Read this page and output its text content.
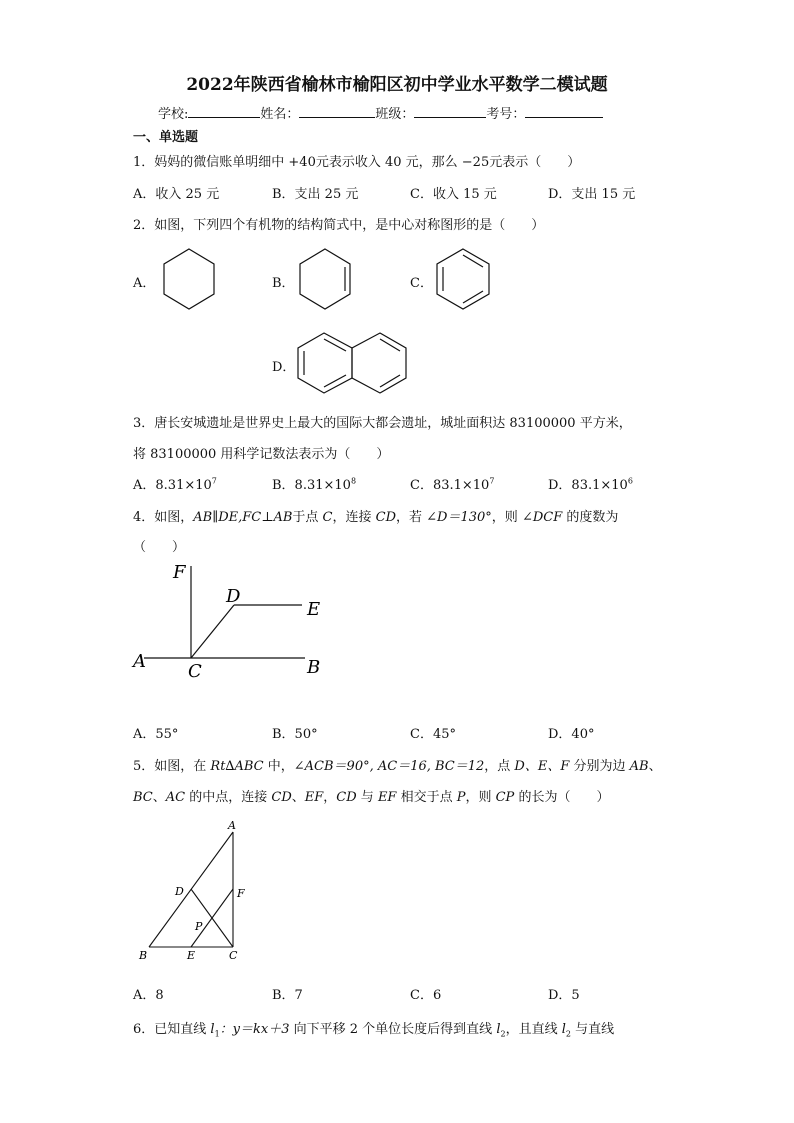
2022年陕西省榆林市榆阳区初中学业水平数学二模试题
学校:	姓名：	班级：	考号：
一、单选题
1．妈妈的微信账单明细中 +40元表示收入 40 元，那么 −25元表示（　　）
A．收入 25 元	B．支出 25 元	C．收入 15 元	D．支出 15 元
2．如图，下列四个有机物的结构简式中，是中心对称图形的是（　　）
A．	B．	C．
D．
3．唐长安城遗址是世界史上最大的国际大都会遗址，城址面积达 83100000 平方米，
将 83100000 用科学记数法表示为（　　）
A．$8.31\times 10^7$	B．$8.31\times 10^8$	C．$83.1\times 10^7$	D．$83.1\times 10^6$
4．如图，AB∥DE,FC⊥AB于点 C，连接 CD，若 ∠D＝130°，则 ∠DCF 的度数为
（　　）
F
D
E
A C	B
A．55°	B．50°	C．45°	D．40°
5．如图，在 Rt∆ABC 中，∠ACB＝90°, AC＝16, BC＝12，点 D、E、F 分别为边 AB、
BC、AC 的中点，连接 CD、EF，CD 与 EF 相交于点 P，则 CP 的长为（　　）
A
D	F
P
B	E	C
A．8	B．7	C．6	D．5
6．已知直线 $l_1$：y＝kx＋3 向下平移 2 个单位长度后得到直线 $l_2$，且直线 $l_2$ 与直线
